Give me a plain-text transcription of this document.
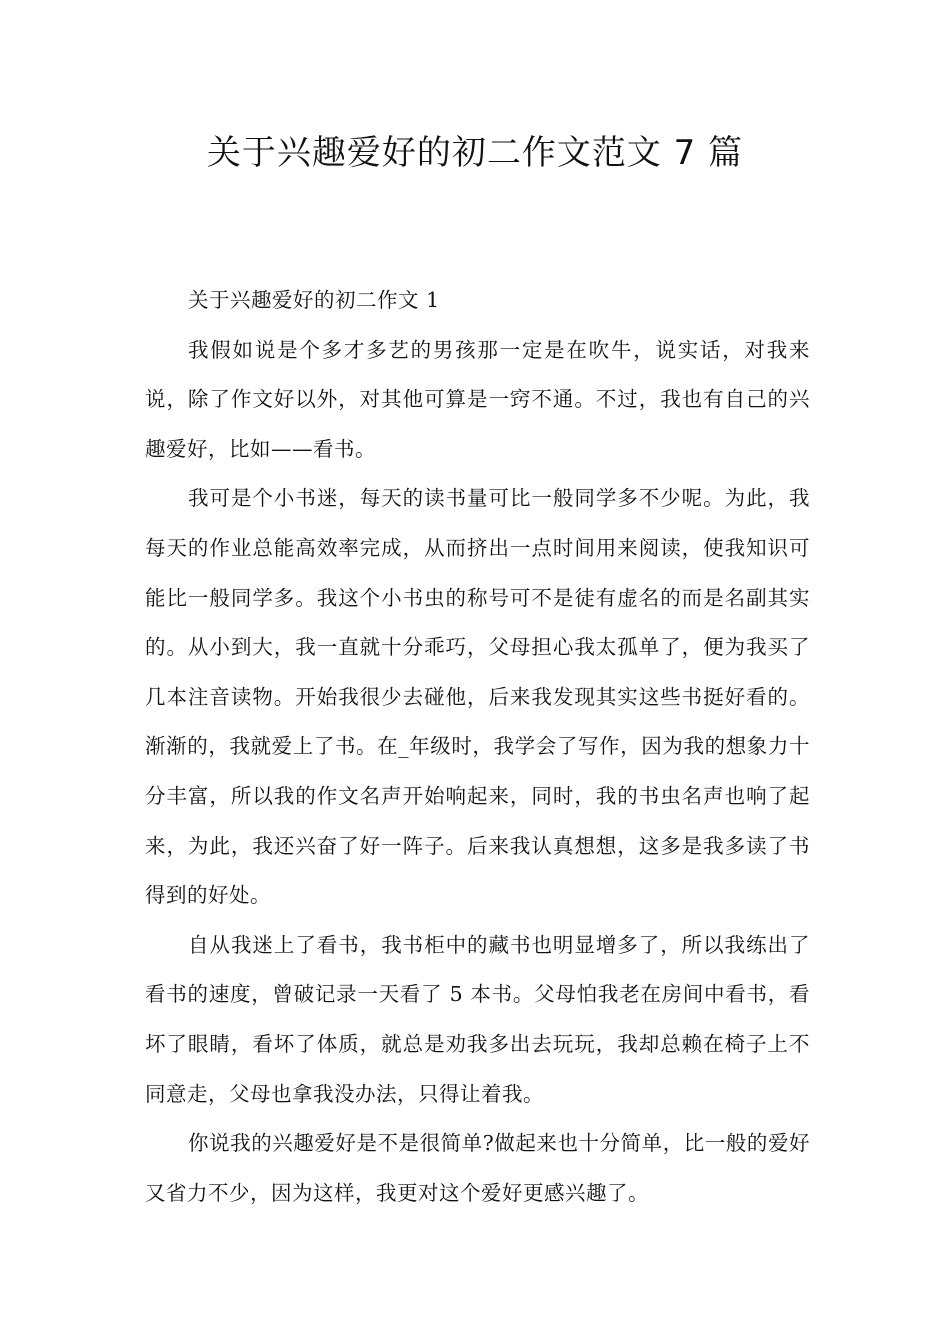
关于兴趣爱好的初二作文范文 7 篇

关于兴趣爱好的初二作文 1

我假如说是个多才多艺的男孩那一定是在吹牛，说实话，对我来说，除了作文好以外，对其他可算是一窍不通。不过，我也有自己的兴趣爱好，比如——看书。

我可是个小书迷，每天的读书量可比一般同学多不少呢。为此，我每天的作业总能高效率完成，从而挤出一点时间用来阅读，使我知识可能比一般同学多。我这个小书虫的称号可不是徒有虚名的而是名副其实的。从小到大，我一直就十分乖巧，父母担心我太孤单了，便为我买了几本注音读物。开始我很少去碰他，后来我发现其实这些书挺好看的。渐渐的，我就爱上了书。在_年级时，我学会了写作，因为我的想象力十分丰富，所以我的作文名声开始响起来，同时，我的书虫名声也响了起来，为此，我还兴奋了好一阵子。后来我认真想想，这多是我多读了书得到的好处。

自从我迷上了看书，我书柜中的藏书也明显增多了，所以我练出了看书的速度，曾破记录一天看了 5 本书。父母怕我老在房间中看书，看坏了眼睛，看坏了体质，就总是劝我多出去玩玩，我却总赖在椅子上不同意走，父母也拿我没办法，只得让着我。

你说我的兴趣爱好是不是很简单?做起来也十分简单，比一般的爱好又省力不少，因为这样，我更对这个爱好更感兴趣了。
